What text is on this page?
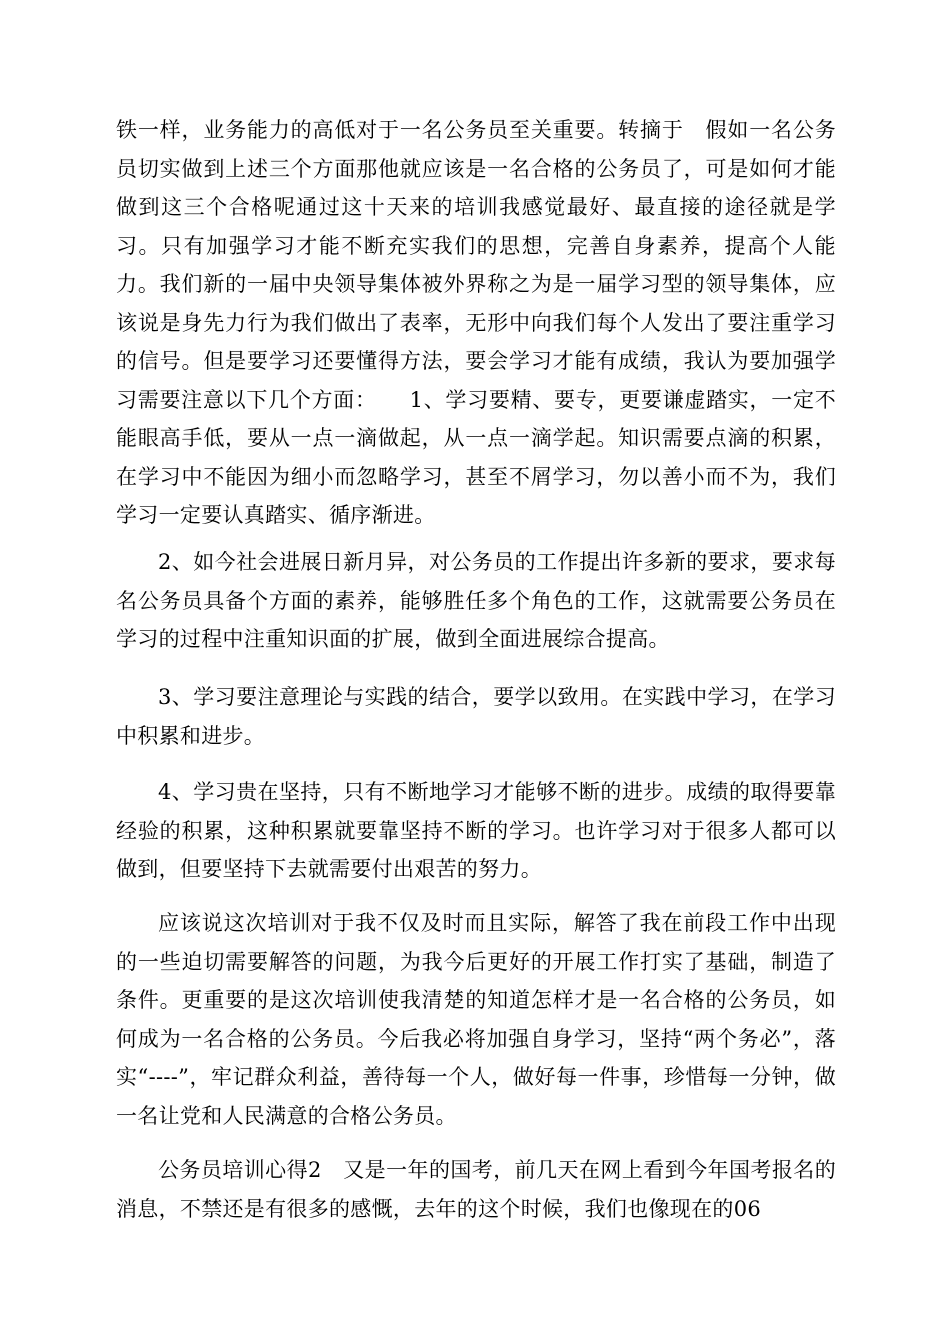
铁一样，业务能力的高低对于一名公务员至关重要。转摘于　假如一名公务员切实做到上述三个方面那他就应该是一名合格的公务员了，可是如何才能做到这三个合格呢通过这十天来的培训我感觉最好、最直接的途径就是学习。只有加强学习才能不断充实我们的思想，完善自身素养，提高个人能力。我们新的一届中央领导集体被外界称之为是一届学习型的领导集体，应该说是身先力行为我们做出了表率，无形中向我们每个人发出了要注重学习的信号。但是要学习还要懂得方法，要会学习才能有成绩，我认为要加强学习需要注意以下几个方面：　　1、学习要精、要专，更要谦虚踏实，一定不能眼高手低，要从一点一滴做起，从一点一滴学起。知识需要点滴的积累，在学习中不能因为细小而忽略学习，甚至不屑学习，勿以善小而不为，我们学习一定要认真踏实、循序渐进。

2、如今社会进展日新月异，对公务员的工作提出许多新的要求，要求每名公务员具备个方面的素养，能够胜任多个角色的工作，这就需要公务员在学习的过程中注重知识面的扩展，做到全面进展综合提高。

3、学习要注意理论与实践的结合，要学以致用。在实践中学习，在学习中积累和进步。

4、学习贵在坚持，只有不断地学习才能够不断的进步。成绩的取得要靠经验的积累，这种积累就要靠坚持不断的学习。也许学习对于很多人都可以做到，但要坚持下去就需要付出艰苦的努力。

应该说这次培训对于我不仅及时而且实际，解答了我在前段工作中出现的一些迫切需要解答的问题，为我今后更好的开展工作打实了基础，制造了条件。更重要的是这次培训使我清楚的知道怎样才是一名合格的公务员，如何成为一名合格的公务员。今后我必将加强自身学习，坚持“两个务必”，落实“----”，牢记群众利益，善待每一个人，做好每一件事，珍惜每一分钟，做一名让党和人民满意的合格公务员。

公务员培训心得2　又是一年的国考，前几天在网上看到今年国考报名的消息，不禁还是有很多的感慨，去年的这个时候，我们也像现在的06
